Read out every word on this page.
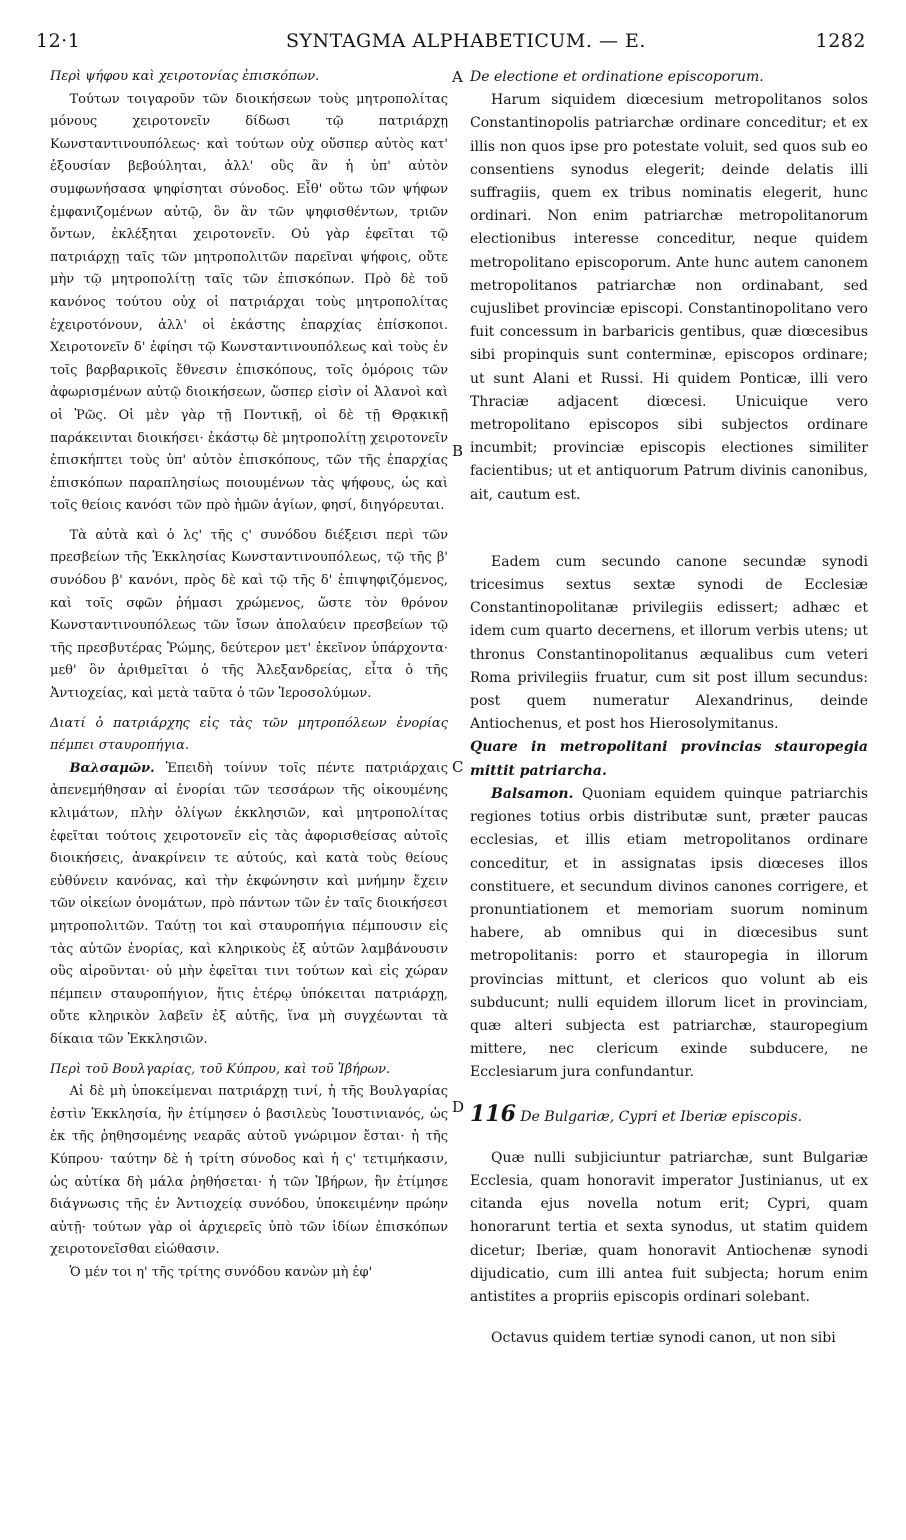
12·1	SYNTAGMA ALPHABETICUM. — E.	1282
A
B
C
D

Περὶ ψήφου καὶ χειροτονίας ἐπισκόπων.

Τούτων τοιγαροῦν τῶν διοικήσεων τοὺς μητροπολίτας μόνους χειροτονεῖν δίδωσι τῷ πατριάρχῃ Κωνσταντινουπόλεως· καὶ τούτων οὐχ οὕσπερ αὐτὸς κατ' ἐξουσίαν βεβούληται, ἀλλ' οὓς ἂν ἡ ὑπ' αὐτὸν συμφωνήσασα ψηφίσηται σύνοδος. Εἶθ' οὕτω τῶν ψήφων ἐμφανιζομένων αὐτῷ, ὃν ἂν τῶν ψηφισθέντων, τριῶν ὄντων, ἐκλέξηται χειροτονεῖν. Οὐ γὰρ ἐφεῖται τῷ πατριάρχῃ ταῖς τῶν μητροπολιτῶν παρεῖναι ψήφοις, οὔτε μὴν τῷ μητροπολίτῃ ταῖς τῶν ἐπισκόπων. Πρὸ δὲ τοῦ κανόνος τούτου οὐχ οἱ πατριάρχαι τοὺς μητροπολίτας ἐχειροτόνουν, ἀλλ' οἱ ἑκάστης ἐπαρχίας ἐπίσκοποι. Χειροτονεῖν δ' ἐφίησι τῷ Κωνσταντινουπόλεως καὶ τοὺς ἐν τοῖς βαρβαρικοῖς ἔθνεσιν ἐπισκόπους, τοῖς ὁμόροις τῶν ἀφωρισμένων αὐτῷ διοικήσεων, ὥσπερ εἰσὶν οἱ Ἀλανοὶ καὶ οἱ Ῥῶς. Οἱ μὲν γὰρ τῇ Ποντικῇ, οἱ δὲ τῇ Θρᾳκικῇ παράκεινται διοικήσει· ἑκάστῳ δὲ μητροπολίτῃ χειροτονεῖν ἐπισκήπτει τοὺς ὑπ' αὐτὸν ἐπισκόπους, τῶν τῆς ἐπαρχίας ἐπισκόπων παραπλησίως ποιουμένων τὰς ψήφους, ὡς καὶ τοῖς θείοις κανόσι τῶν πρὸ ἡμῶν ἁγίων, φησί, διηγόρευται.

Τὰ αὐτὰ καὶ ὁ λς' τῆς ς' συνόδου διέξεισι περὶ τῶν πρεσβείων τῆς Ἐκκλησίας Κωνσταντινουπόλεως, τῷ τῆς β' συνόδου β' κανόνι, πρὸς δὲ καὶ τῷ τῆς δ' ἐπιψηφιζόμενος, καὶ τοῖς σφῶν ῥήμασι χρώμενος, ὥστε τὸν θρόνον Κωνσταντινουπόλεως τῶν ἴσων ἀπολαύειν πρεσβείων τῷ τῆς πρεσβυτέρας Ῥώμης, δεύτερον μετ' ἐκεῖνον ὑπάρχοντα· μεθ' ὃν ἀριθμεῖται ὁ τῆς Ἀλεξανδρείας, εἶτα ὁ τῆς Ἀντιοχείας, καὶ μετὰ ταῦτα ὁ τῶν Ἱεροσολύμων.

Διατί ὁ πατριάρχης εἰς τὰς τῶν μητροπόλεων ἐνορίας πέμπει σταυροπήγια.

Βαλσαμῶν. Ἐπειδὴ τοίνυν τοῖς πέντε πατριάρχαις ἀπενεμήθησαν αἱ ἐνορίαι τῶν τεσσάρων τῆς οἰκουμένης κλιμάτων, πλὴν ὀλίγων ἐκκλησιῶν, καὶ μητροπολίτας ἐφεῖται τούτοις χειροτονεῖν εἰς τὰς ἀφορισθείσας αὐτοῖς διοικήσεις, ἀνακρίνειν τε αὐτούς, καὶ κατὰ τοὺς θείους εὐθύνειν κανόνας, καὶ τὴν ἐκφώνησιν καὶ μνήμην ἔχειν τῶν οἰκείων ὀνομάτων, πρὸ πάντων τῶν ἐν ταῖς διοικήσεσι μητροπολιτῶν. Ταύτῃ τοι καὶ σταυροπήγια πέμπουσιν εἰς τὰς αὐτῶν ἐνορίας, καὶ κληρικοὺς ἐξ αὐτῶν λαμβάνουσιν οὓς αἱροῦνται· οὐ μὴν ἐφεῖται τινι τούτων καὶ εἰς χώραν πέμπειν σταυροπήγιον, ἥτις ἑτέρῳ ὑπόκειται πατριάρχῃ, οὔτε κληρικὸν λαβεῖν ἐξ αὐτῆς, ἵνα μὴ συγχέωνται τὰ δίκαια τῶν Ἐκκλησιῶν.

Περὶ τοῦ Βουλγαρίας, τοῦ Κύπρου, καὶ τοῦ Ἰβήρων.

Αἱ δὲ μὴ ὑποκείμεναι πατριάρχῃ τινί, ἡ τῆς Βουλγαρίας ἐστὶν Ἐκκλησία, ἣν ἐτίμησεν ὁ βασιλεὺς Ἰουστινιανός, ὡς ἐκ τῆς ῥηθησομένης νεαρᾶς αὐτοῦ γνώριμον ἔσται· ἡ τῆς Κύπρου· ταύτην δὲ ἡ τρίτη σύνοδος καὶ ἡ ς' τετιμήκασιν, ὡς αὐτίκα δὴ μάλα ῥηθήσεται· ἡ τῶν Ἰβήρων, ἣν ἐτίμησε διάγνωσις τῆς ἐν Ἀντιοχείᾳ συνόδου, ὑποκειμένην πρώην αὐτῇ· τούτων γὰρ οἱ ἀρχιερεῖς ὑπὸ τῶν ἰδίων ἐπισκόπων χειροτονεῖσθαι εἰώθασιν.

Ὁ μέν τοι η' τῆς τρίτης συνόδου κανὼν μὴ ἐφ'

De electione et ordinatione episcoporum.

Harum siquidem diœcesium metropolitanos solos Constantinopolis patriarchæ ordinare conceditur; et ex illis non quos ipse pro potestate voluit, sed quos sub eo consentiens synodus elegerit; deinde delatis illi suffragiis, quem ex tribus nominatis elegerit, hunc ordinari. Non enim patriarchæ metropolitanorum electionibus interesse conceditur, neque quidem metropolitano episcoporum. Ante hunc autem canonem metropolitanos patriarchæ non ordinabant, sed cujuslibet provinciæ episcopi. Constantinopolitano vero fuit concessum in barbaricis gentibus, quæ diœcesibus sibi propinquis sunt conterminæ, episcopos ordinare; ut sunt Alani et Russi. Hi quidem Ponticæ, illi vero Thraciæ adjacent diœcesi. Unicuique vero metropolitano episcopos sibi subjectos ordinare incumbit; provinciæ episcopis electiones similiter facientibus; ut et antiquorum Patrum divinis canonibus, ait, cautum est.

Eadem cum secundo canone secundæ synodi tricesimus sextus sextæ synodi de Ecclesiæ Constantinopolitanæ privilegiis edissert; adhæc et idem cum quarto decernens, et illorum verbis utens; ut thronus Constantinopolitanus æqualibus cum veteri Roma privilegiis fruatur, cum sit post illum secundus: post quem numeratur Alexandrinus, deinde Antiochenus, et post hos Hierosolymitanus.

Quare in metropolitani provincias stauropegia mittit patriarcha.

Balsamon. Quoniam equidem quinque patriarchis regiones totius orbis distributæ sunt, præter paucas ecclesias, et illis etiam metropolitanos ordinare conceditur, et in assignatas ipsis diœceses illos constituere, et secundum divinos canones corrigere, et pronuntiationem et memoriam suorum nominum habere, ab omnibus qui in diœcesibus sunt metropolitanis: porro et stauropegia in illorum provincias mittunt, et clericos quo volunt ab eis subducunt; nulli equidem illorum licet in provinciam, quæ alteri subjecta est patriarchæ, stauropegium mittere, nec clericum exinde subducere, ne Ecclesiarum jura confundantur.

116 De Bulgariæ, Cypri et Iberiæ episcopis.

Quæ nulli subjiciuntur patriarchæ, sunt Bulgariæ Ecclesia, quam honoravit imperator Justinianus, ut ex citanda ejus novella notum erit; Cypri, quam honorarunt tertia et sexta synodus, ut statim quidem dicetur; Iberiæ, quam honoravit Antiochenæ synodi dijudicatio, cum illi antea fuit subjecta; horum enim antistites a propriis episcopis ordinari solebant.

Octavus quidem tertiæ synodi canon, ut non sibi
